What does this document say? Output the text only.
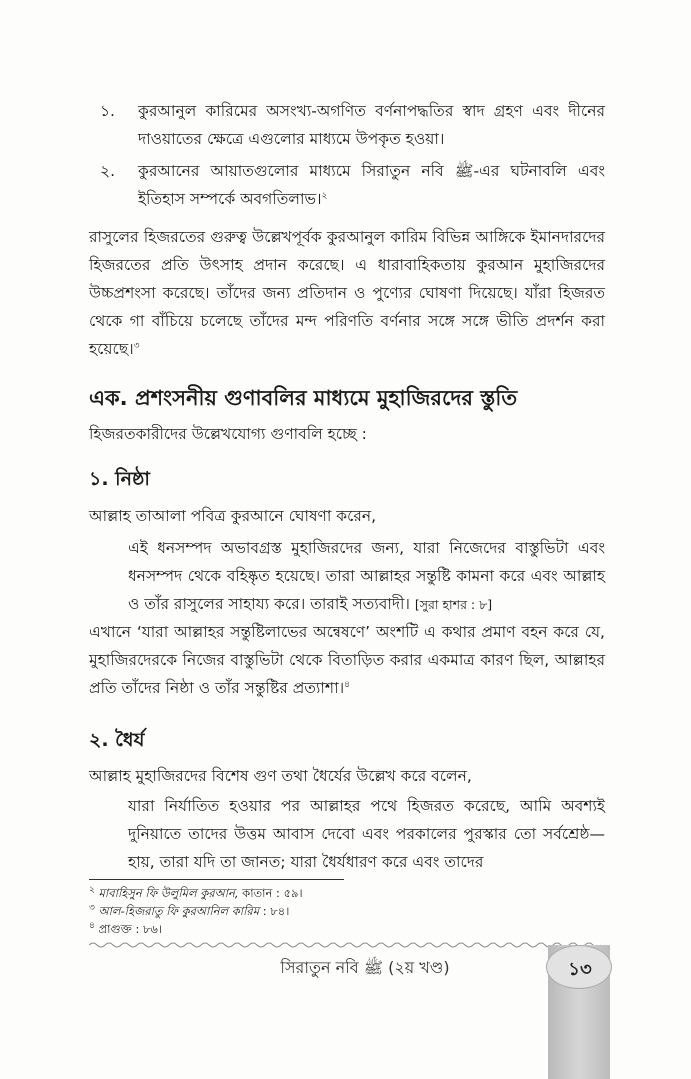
১.	কুরআনুল কারিমের অসংখ্য-অগণিত বর্ণনাপদ্ধতির স্বাদ গ্রহণ এবং দীনের দাওয়াতের ক্ষেত্রে এগুলোর মাধ্যমে উপকৃত হওয়া।
২.	কুরআনের আয়াতগুলোর মাধ্যমে সিরাতুন নবি ﷺ-এর ঘটনাবলি এবং ইতিহাস সম্পর্কে অবগতিলাভ।$^২$
রাসুলের হিজরতের গুরুত্ব উল্লেখপূর্বক কুরআনুল কারিম বিভিন্ন আঙ্গিকে ইমানদারদের হিজরতের প্রতি উৎসাহ প্রদান করেছে। এ ধারাবাহিকতায় কুরআন মুহাজিরদের উচ্চপ্রশংসা করেছে। তাঁদের জন্য প্রতিদান ও পুণ্যের ঘোষণা দিয়েছে। যাঁরা হিজরত থেকে গা বাঁচিয়ে চলেছে তাঁদের মন্দ পরিণতি বর্ণনার সঙ্গে সঙ্গে ভীতি প্রদর্শন করা হয়েছে।$^৩$
এক. প্রশংসনীয় গুণাবলির মাধ্যমে মুহাজিরদের স্তুতি
হিজরতকারীদের উল্লেখযোগ্য গুণাবলি হচ্ছে :
১. নিষ্ঠা
আল্লাহ তাআলা পবিত্র কুরআনে ঘোষণা করেন,
এই ধনসম্পদ অভাবগ্রস্ত মুহাজিরদের জন্য, যারা নিজেদের বাস্তুভিটা এবং ধনসম্পদ থেকে বহিষ্কৃত হয়েছে। তারা আল্লাহর সন্তুষ্টি কামনা করে এবং আল্লাহ ও তাঁর রাসুলের সাহায্য করে। তারাই সত্যবাদী। [সুরা হাশর : ৮]
এখানে ‘যারা আল্লাহর সন্তুষ্টিলাভের অন্বেষণে’ অংশটি এ কথার প্রমাণ বহন করে যে, মুহাজিরদেরকে নিজের বাস্তুভিটা থেকে বিতাড়িত করার একমাত্র কারণ ছিল, আল্লাহর প্রতি তাঁদের নিষ্ঠা ও তাঁর সন্তুষ্টির প্রত্যাশা।$^৪$
২. ধৈর্য
আল্লাহ মুহাজিরদের বিশেষ গুণ তথা ধৈর্যের উল্লেখ করে বলেন,
যারা নির্যাতিত হওয়ার পর আল্লাহর পথে হিজরত করেছে, আমি অবশ্যই দুনিয়াতে তাদের উত্তম আবাস দেবো এবং পরকালের পুরস্কার তো সর্বশ্রেষ্ঠ—হায়, তারা যদি তা জানত; যারা ধৈর্যধারণ করে এবং তাদের
$^২$ মাবাহিসুন ফি উলুমিল কুরআন, কাতান : ৫৯।
$^৩$ আল-হিজরাতু ফি কুরআনিল কারিম : ৮৪।
$^৪$ প্রাগুক্ত : ৮৬।
সিরাতুন নবি ﷺ (২য় খণ্ড)	১৩
